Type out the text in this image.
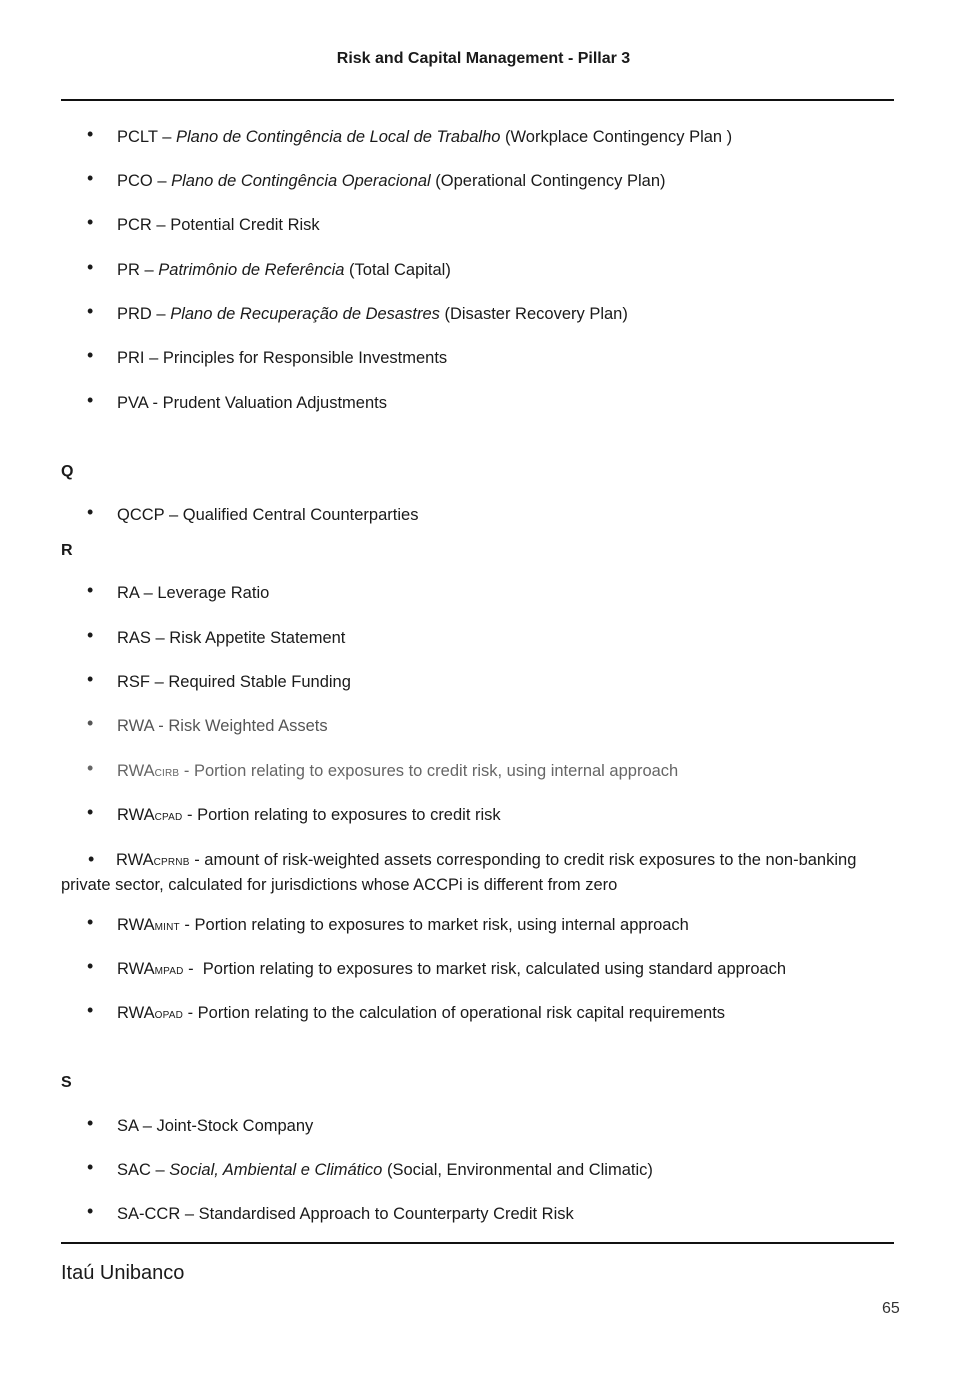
Risk and Capital Management - Pillar 3
• PCLT – Plano de Contingência de Local de Trabalho (Workplace Contingency Plan )
• PCO – Plano de Contingência Operacional (Operational Contingency Plan)
• PCR – Potential Credit Risk
• PR – Patrimônio de Referência (Total Capital)
• PRD – Plano de Recuperação de Desastres (Disaster Recovery Plan)
• PRI – Principles for Responsible Investments
• PVA - Prudent Valuation Adjustments
Q
• QCCP – Qualified Central Counterparties
R
• RA – Leverage Ratio
• RAS – Risk Appetite Statement
• RSF – Required Stable Funding
• RWA - Risk Weighted Assets
• RWACIRB - Portion relating to exposures to credit risk, using internal approach
• RWACPAD - Portion relating to exposures to credit risk
• RWACPRNB - amount of risk-weighted assets corresponding to credit risk exposures to the non-banking private sector, calculated for jurisdictions whose ACCPi is different from zero
• RWAMINT - Portion relating to exposures to market risk, using internal approach
• RWAMPAD -  Portion relating to exposures to market risk, calculated using standard approach
• RWAOPAD - Portion relating to the calculation of operational risk capital requirements
S
• SA – Joint-Stock Company
• SAC – Social, Ambiental e Climático (Social, Environmental and Climatic)
• SA-CCR – Standardised Approach to Counterparty Credit Risk
Itaú Unibanco
65
